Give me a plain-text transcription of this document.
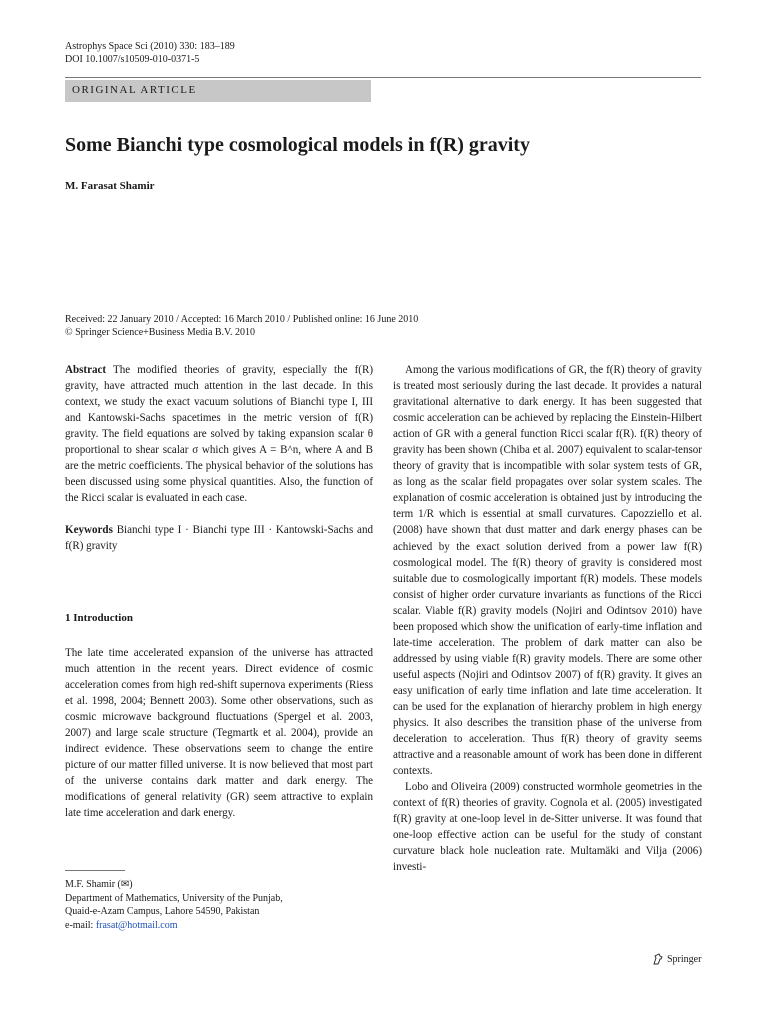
Astrophys Space Sci (2010) 330: 183–189
DOI 10.1007/s10509-010-0371-5
ORIGINAL ARTICLE
Some Bianchi type cosmological models in f(R) gravity
M. Farasat Shamir
Received: 22 January 2010 / Accepted: 16 March 2010 / Published online: 16 June 2010
© Springer Science+Business Media B.V. 2010

Abstract The modified theories of gravity, especially the f(R) gravity, have attracted much attention in the last decade. In this context, we study the exact vacuum solutions of Bianchi type I, III and Kantowski-Sachs spacetimes in the metric version of f(R) gravity. The field equations are solved by taking expansion scalar θ proportional to shear scalar σ which gives A = B^n, where A and B are the metric coefficients. The physical behavior of the solutions has been discussed using some physical quantities. Also, the function of the Ricci scalar is evaluated in each case.

Keywords Bianchi type I · Bianchi type III · Kantowski-Sachs and f(R) gravity

1 Introduction

The late time accelerated expansion of the universe has attracted much attention in the recent years. Direct evidence of cosmic acceleration comes from high red-shift supernova experiments (Riess et al. 1998, 2004; Bennett 2003). Some other observations, such as cosmic microwave background fluctuations (Spergel et al. 2003, 2007) and large scale structure (Tegmartk et al. 2004), provide an indirect evidence. These observations seem to change the entire picture of our matter filled universe. It is now believed that most part of the universe contains dark matter and dark energy. The modifications of general relativity (GR) seem attractive to explain late time acceleration and dark energy.

M.F. Shamir (✉)
Department of Mathematics, University of the Punjab,
Quaid-e-Azam Campus, Lahore 54590, Pakistan
e-mail: frasat@hotmail.com

Among the various modifications of GR, the f(R) theory of gravity is treated most seriously during the last decade. It provides a natural gravitational alternative to dark energy. It has been suggested that cosmic acceleration can be achieved by replacing the Einstein-Hilbert action of GR with a general function Ricci scalar f(R). f(R) theory of gravity has been shown (Chiba et al. 2007) equivalent to scalar-tensor theory of gravity that is incompatible with solar system tests of GR, as long as the scalar field propagates over solar system scales. The explanation of cosmic acceleration is obtained just by introducing the term 1/R which is essential at small curvatures. Capozziello et al. (2008) have shown that dust matter and dark energy phases can be achieved by the exact solution derived from a power law f(R) cosmological model. The f(R) theory of gravity is considered most suitable due to cosmologically important f(R) models. These models consist of higher order curvature invariants as functions of the Ricci scalar. Viable f(R) gravity models (Nojiri and Odintsov 2010) have been proposed which show the unification of early-time inflation and late-time acceleration. The problem of dark matter can also be addressed by using viable f(R) gravity models. There are some other useful aspects (Nojiri and Odintsov 2007) of f(R) gravity. It gives an easy unification of early time inflation and late time acceleration. It can be used for the explanation of hierarchy problem in high energy physics. It also describes the transition phase of the universe from deceleration to acceleration. Thus f(R) theory of gravity seems attractive and a reasonable amount of work has been done in different contexts.

Lobo and Oliveira (2009) constructed wormhole geometries in the context of f(R) theories of gravity. Cognola et al. (2005) investigated f(R) gravity at one-loop level in de-Sitter universe. It was found that one-loop effective action can be useful for the study of constant curvature black hole nucleation rate. Multamäki and Vilja (2006) investi-

Springer
